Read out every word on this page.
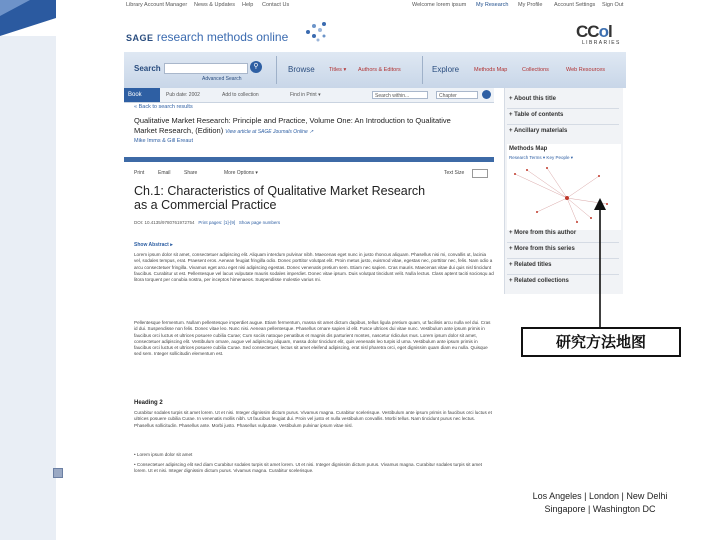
Library Account Manager News & Updates Help Contact Us	Welcome lorem ipsum My Research My Profile Account Settings Sign Out
SAGE research methods online	CCol
LIBRARIES
Search	⚲
Advanced Search
Browse	Titles ▾ Authors & Editors	Explore	Methods Map	Collections	Web Resources
Book	Pub date: 2002	Add to collection	Find in Print ▾	Search within...	Chapter
« Back to search results
Qualitative Market Research: Principle and Practice, Volume One: An Introduction to Qualitative Market Research, (Edition) View article at SAGE Journals Online ↗
Mike Imms & Gill Ereaut
+ About this title
+ Table of contents
+ Ancillary materials
Methods Map
Research Terms ▾ Key People ▾
+ More from this author
+ More from this series
+ Related titles
+ Related collections
Print	Email	Share	More Options ▾	Text Size
Ch.1: Characteristics of Qualitative Market Research as a Commercial Practice
DOI: 10.4135/9780761972754 Print pages: [1]-[9] Show page numbers
Show Abstract ▸
Lorem ipsum dolor sit amet, consectetuer adipiscing elit. Aliquam interdum pulvinar nibh. Maecenas eget nunc in justo rhoncus aliquam. Phasellus nisi mi, convallis ut, lacinia vel, sodales tempus, erat. Praesent eros. Aenean feugiat fringilla odio. Donec porttitor volutpat elit. Proin metus justo, euismod vitae, egestas nec, porttitor nec, felis. Nam odio a arcu consectetuer fringilla. Vivamus eget arcu eget nisi adipiscing egestas. Donec venenatis pretium sem. Etiam nec sapien. Cras mauris. Maecenas vitae dui quis nisl tincidunt faucibus. Curabitur ut est. Pellentesque vel lacus vulputate mauris sodales imperdiet. Donec vitae ipsum. Duis volutpat tincidunt velit. Nulla lectus. Class aptent taciti sociosqu ad litora torquent per conubia nostra, per inceptos himenaeos. Suspendisse molestie varius mi.
Pellentesque fermentum. Nullam pellentesque imperdiet augue. Etiam fermentum, massa sit amet dictum dapibus, tellus ligula pretium quam, ut facilisis arcu nulla vel dui. Cras id dui. Suspendisse non felis. Donec vitae leo. Nunc nisi. Aenean pellentesque. Phasellus ornare sapien id elit. Fusce ultrices dui vitae nunc. Vestibulum ante ipsum primis in faucibus orci luctus et ultrices posuere cubilia Curae; Cum sociis natoque penatibus et magnis dis parturient montes, nascetur ridiculus mus. Lorem ipsum dolor sit amet, consectetuer adipiscing elit. Vestibulum ornare, augue vel adipiscing aliquam, massa dolor tincidunt elit, quis venenatis leo turpis id urna. Vestibulum ante ipsum primis in faucibus orci luctus et ultrices posuere cubilia Curae. Sed consectetuer, lectus sit amet eleifend adipiscing, erat nisl pharetra orci, eget dignissim quam diam eu nulla. Quisque sed sem. Integer sollicitudin elementum est.
Heading 2
Curabitur sodales turpis sit amet lorem. Ut et nisi. Integer dignissim dictum purus. Vivamus magna. Curabitur scelerisque. Vestibulum ante ipsum primis in faucibus orci luctus et ultrices posuere cubilia Curae. In venenatis mollis nibh. Ut faucibus feugiat dui. Proin vel justo et nulla vestibulum convallis. Morbi tellus. Nam tincidunt purus nec lectus. Phasellus sollicitudin. Phasellus ante. Morbi justo. Phasellus vulputate. Vestibulum pulvinar ipsum vitae nisl.
• Lorem ipsum dolor sit amet
• Consectetuer adipiscing elit sed diam Curabitur sodales turpis sit amet lorem. Ut et nisi. Integer dignissim dictum purus. Vivamus magna. Curabitur sodales turpis sit amet lorem. Ut et nisi. Integer dignissim dictum purus. Vivamus magna. Curabitur scelerisque.
研究方法地图
Los Angeles | London | New Delhi
Singapore | Washington DC
